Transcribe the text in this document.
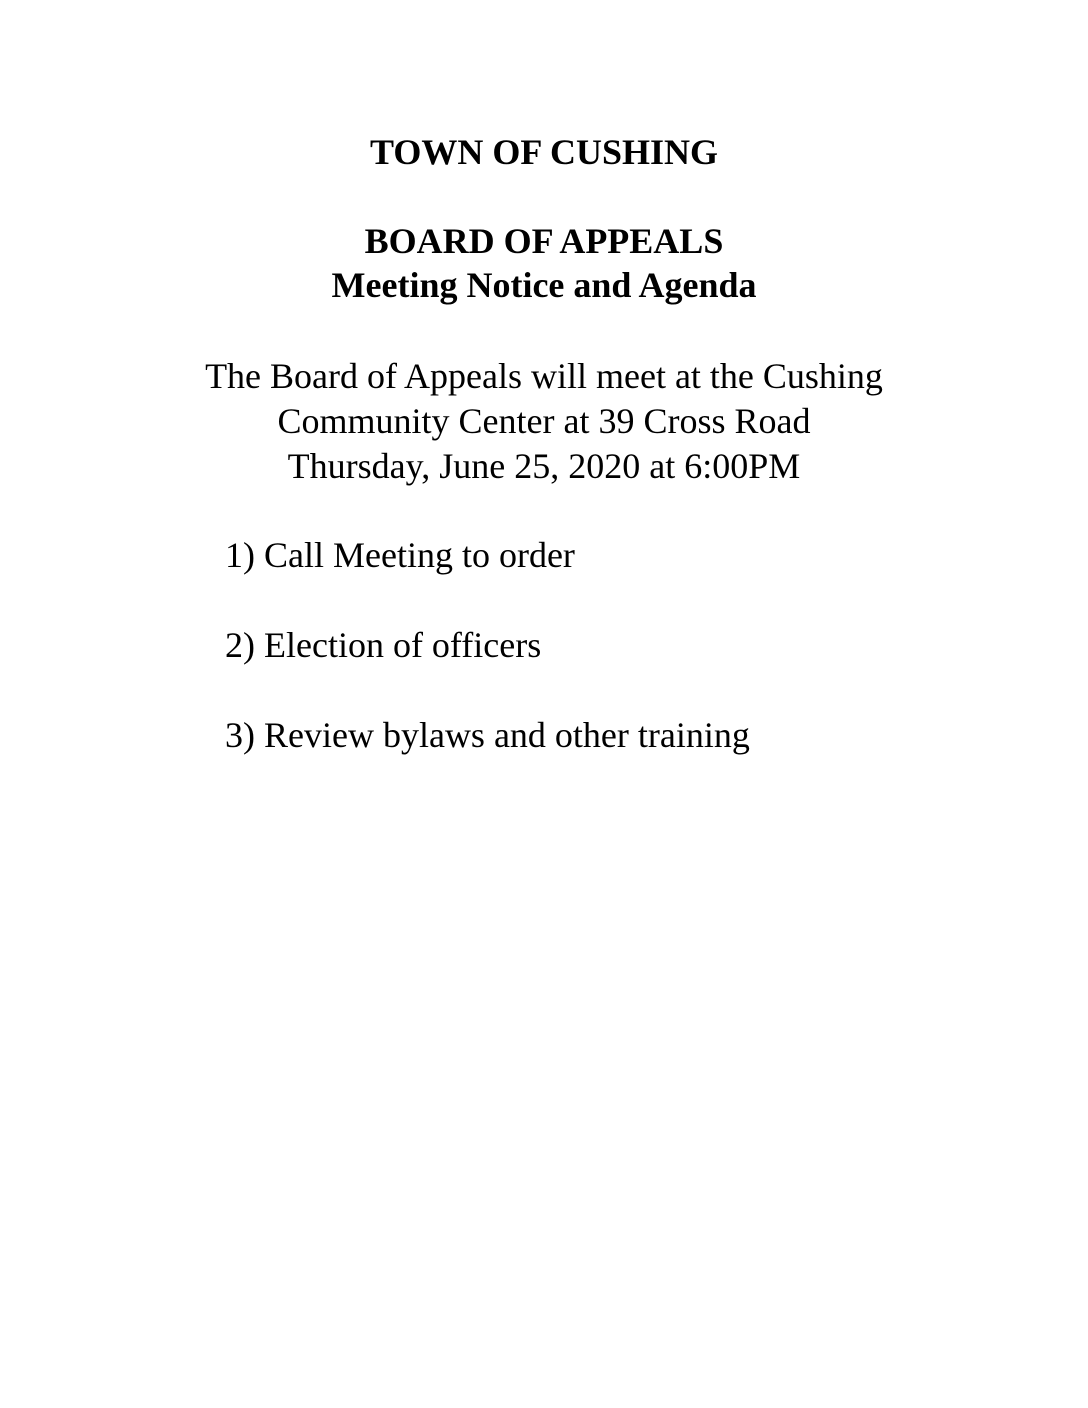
TOWN OF CUSHING
BOARD OF APPEALS
Meeting Notice and Agenda
The Board of Appeals will meet at the Cushing
Community Center at 39 Cross Road
Thursday, June 25, 2020 at 6:00PM
1) Call Meeting to order
2) Election of officers
3) Review bylaws and other training
